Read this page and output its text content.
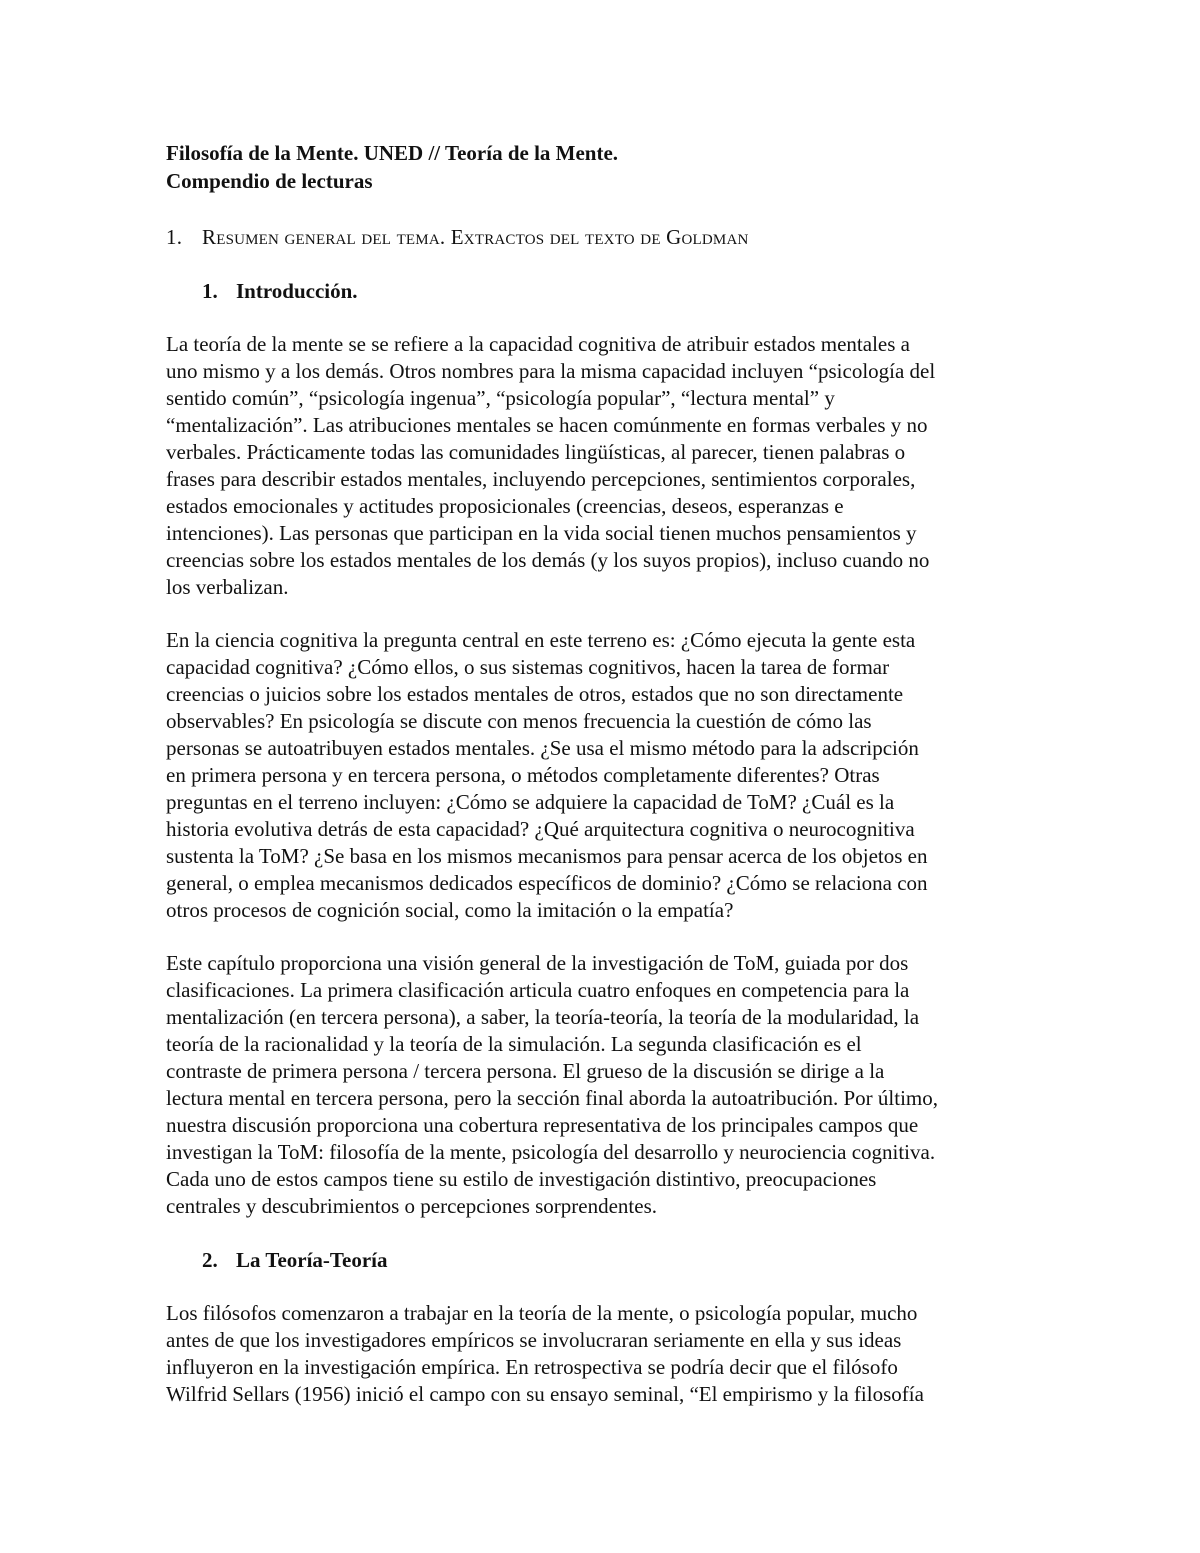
Filosofía de la Mente. UNED // Teoría de la Mente.
Compendio de lecturas

1. Resumen general del tema. Extractos del texto de Goldman
1. Introducción.

La teoría de la mente se se refiere a la capacidad cognitiva de atribuir estados mentales a
uno mismo y a los demás. Otros nombres para la misma capacidad incluyen “psicología del
sentido común”, “psicología ingenua”, “psicología popular”, “lectura mental” y
“mentalización”. Las atribuciones mentales se hacen comúnmente en formas verbales y no
verbales. Prácticamente todas las comunidades lingüísticas, al parecer, tienen palabras o
frases para describir estados mentales, incluyendo percepciones, sentimientos corporales,
estados emocionales y actitudes proposicionales (creencias, deseos, esperanzas e
intenciones). Las personas que participan en la vida social tienen muchos pensamientos y
creencias sobre los estados mentales de los demás (y los suyos propios), incluso cuando no
los verbalizan.

En la ciencia cognitiva la pregunta central en este terreno es: ¿Cómo ejecuta la gente esta
capacidad cognitiva? ¿Cómo ellos, o sus sistemas cognitivos, hacen la tarea de formar
creencias o juicios sobre los estados mentales de otros, estados que no son directamente
observables? En psicología se discute con menos frecuencia la cuestión de cómo las
personas se autoatribuyen estados mentales. ¿Se usa el mismo método para la adscripción
en primera persona y en tercera persona, o métodos completamente diferentes? Otras
preguntas en el terreno incluyen: ¿Cómo se adquiere la capacidad de ToM? ¿Cuál es la
historia evolutiva detrás de esta capacidad? ¿Qué arquitectura cognitiva o neurocognitiva
sustenta la ToM? ¿Se basa en los mismos mecanismos para pensar acerca de los objetos en
general, o emplea mecanismos dedicados específicos de dominio? ¿Cómo se relaciona con
otros procesos de cognición social, como la imitación o la empatía?

Este capítulo proporciona una visión general de la investigación de ToM, guiada por dos
clasificaciones. La primera clasificación articula cuatro enfoques en competencia para la
mentalización (en tercera persona), a saber, la teoría-teoría, la teoría de la modularidad, la
teoría de la racionalidad y la teoría de la simulación. La segunda clasificación es el
contraste de primera persona / tercera persona. El grueso de la discusión se dirige a la
lectura mental en tercera persona, pero la sección final aborda la autoatribución. Por último,
nuestra discusión proporciona una cobertura representativa de los principales campos que
investigan la ToM: filosofía de la mente, psicología del desarrollo y neurociencia cognitiva.
Cada uno de estos campos tiene su estilo de investigación distintivo, preocupaciones
centrales y descubrimientos o percepciones sorprendentes.

2. La Teoría-Teoría

Los filósofos comenzaron a trabajar en la teoría de la mente, o psicología popular, mucho
antes de que los investigadores empíricos se involucraran seriamente en ella y sus ideas
influyeron en la investigación empírica. En retrospectiva se podría decir que el filósofo
Wilfrid Sellars (1956) inició el campo con su ensayo seminal, “El empirismo y la filosofía
